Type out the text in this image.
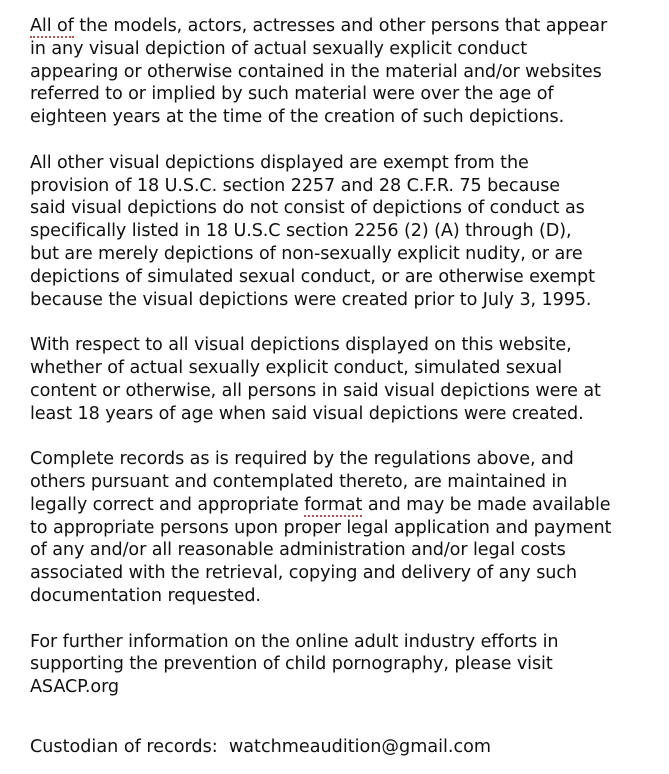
All of the models, actors, actresses and other persons that appear
in any visual depiction of actual sexually explicit conduct
appearing or otherwise contained in the material and/or websites
referred to or implied by such material were over the age of
eighteen years at the time of the creation of such depictions.

All other visual depictions displayed are exempt from the
provision of 18 U.S.C. section 2257 and 28 C.F.R. 75 because
said visual depictions do not consist of depictions of conduct as
specifically listed in 18 U.S.C section 2256 (2) (A) through (D),
but are merely depictions of non-sexually explicit nudity, or are
depictions of simulated sexual conduct, or are otherwise exempt
because the visual depictions were created prior to July 3, 1995.

With respect to all visual depictions displayed on this website,
whether of actual sexually explicit conduct, simulated sexual
content or otherwise, all persons in said visual depictions were at
least 18 years of age when said visual depictions were created.

Complete records as is required by the regulations above, and
others pursuant and contemplated thereto, are maintained in
legally correct and appropriate format and may be made available
to appropriate persons upon proper legal application and payment
of any and/or all reasonable administration and/or legal costs
associated with the retrieval, copying and delivery of any such
documentation requested.

For further information on the online adult industry efforts in
supporting the prevention of child pornography, please visit
ASACP.org

Custodian of records: watchmeaudition@gmail.com
